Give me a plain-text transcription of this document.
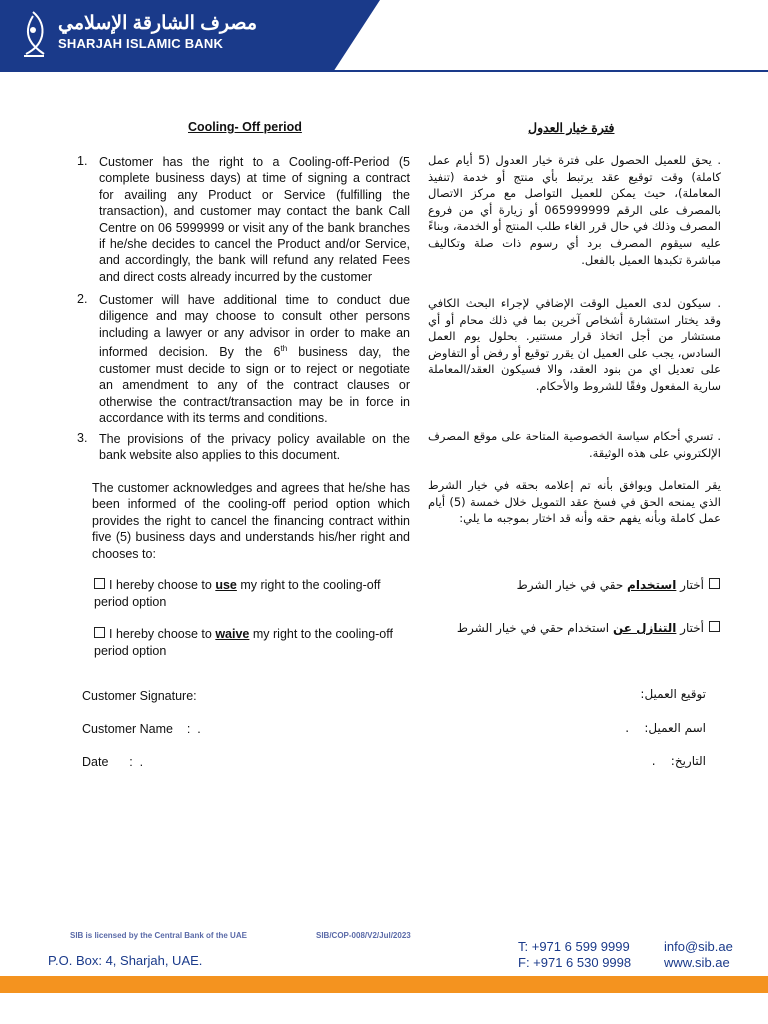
مصرف الشارقة الإسلامي
SHARJAH ISLAMIC BANK
Cooling- Off period	فترة خيار العدول
1. Customer has the right to a Cooling-off-Period (5 complete business days) at time of signing a contract for availing any Product or Service (fulfilling the transaction), and customer may contact the bank Call Centre on 06 5999999 or visit any of the bank branches if he/she decides to cancel the Product and/or Service, and accordingly, the bank will refund any related Fees and direct costs already incurred by the customer
2. Customer will have additional time to conduct due diligence and may choose to consult other persons including a lawyer or any advisor in order to make an informed decision. By the 6th business day, the customer must decide to sign or to reject or negotiate an amendment to any of the contract clauses or otherwise the contract/transaction may be in force in accordance with its terms and conditions.
3. The provisions of the privacy policy available on the bank website also applies to this document.
. يحق للعميل الحصول على فترة خيار العدول (5 أيام عمل كاملة) وقت توقيع عقد يرتبط بأي منتج أو خدمة (تنفيذ المعاملة)، حيث يمكن للعميل التواصل مع مركز الاتصال بالمصرف على الرقم 065999999 أو زيارة أي من فروع المصرف وذلك في حال قرر الغاء طلب المنتج أو الخدمة، وبناءً عليه سيقوم المصرف برد أي رسوم ذات صلة وتكاليف مباشرة تكبدها العميل بالفعل.
. سيكون لدى العميل الوقت الإضافي لإجراء البحث الكافي وقد يختار استشارة أشخاص آخرين بما في ذلك محام أو أي مستشار من أجل اتخاذ قرار مستنير. بحلول يوم العمل السادس، يجب على العميل ان يقرر توقيع أو رفض أو التفاوض على تعديل اي من بنود العقد، والا فسيكون العقد/المعاملة سارية المفعول وفقًا للشروط والأحكام.
. تسري أحكام سياسة الخصوصية المتاحة على موقع المصرف الإلكتروني على هذه الوثيقة.
The customer acknowledges and agrees that he/she has been informed of the cooling-off period option which provides the right to cancel the financing contract within five (5) business days and understands his/her right and chooses to:
يقر المتعامل ويوافق بأنه تم إعلامه بحقه في خيار الشرط الذي يمنحه الحق في فسخ عقد التمويل خلال خمسة (5) أيام عمل كاملة وبأنه يفهم حقه وأنه قد اختار بموجبه ما يلي:
I hereby choose to use my right to the cooling-off period option
I hereby choose to waive my right to the cooling-off period option
أختار استخدام حقي في خيار الشرط
أختار التنازل عن استخدام حقي في خيار الشرط
Customer Signature:
Customer Name    :  .
Date      :  .
توقيع العميل:
اسم العميل:    .
التاريخ:    .
SIB is licensed by the Central Bank of the UAE	SIB/COP-008/V2/Jul/2023
P.O. Box: 4, Sharjah, UAE.
T: +971 6 599 9999
F: +971 6 530 9998
info@sib.ae
www.sib.ae
